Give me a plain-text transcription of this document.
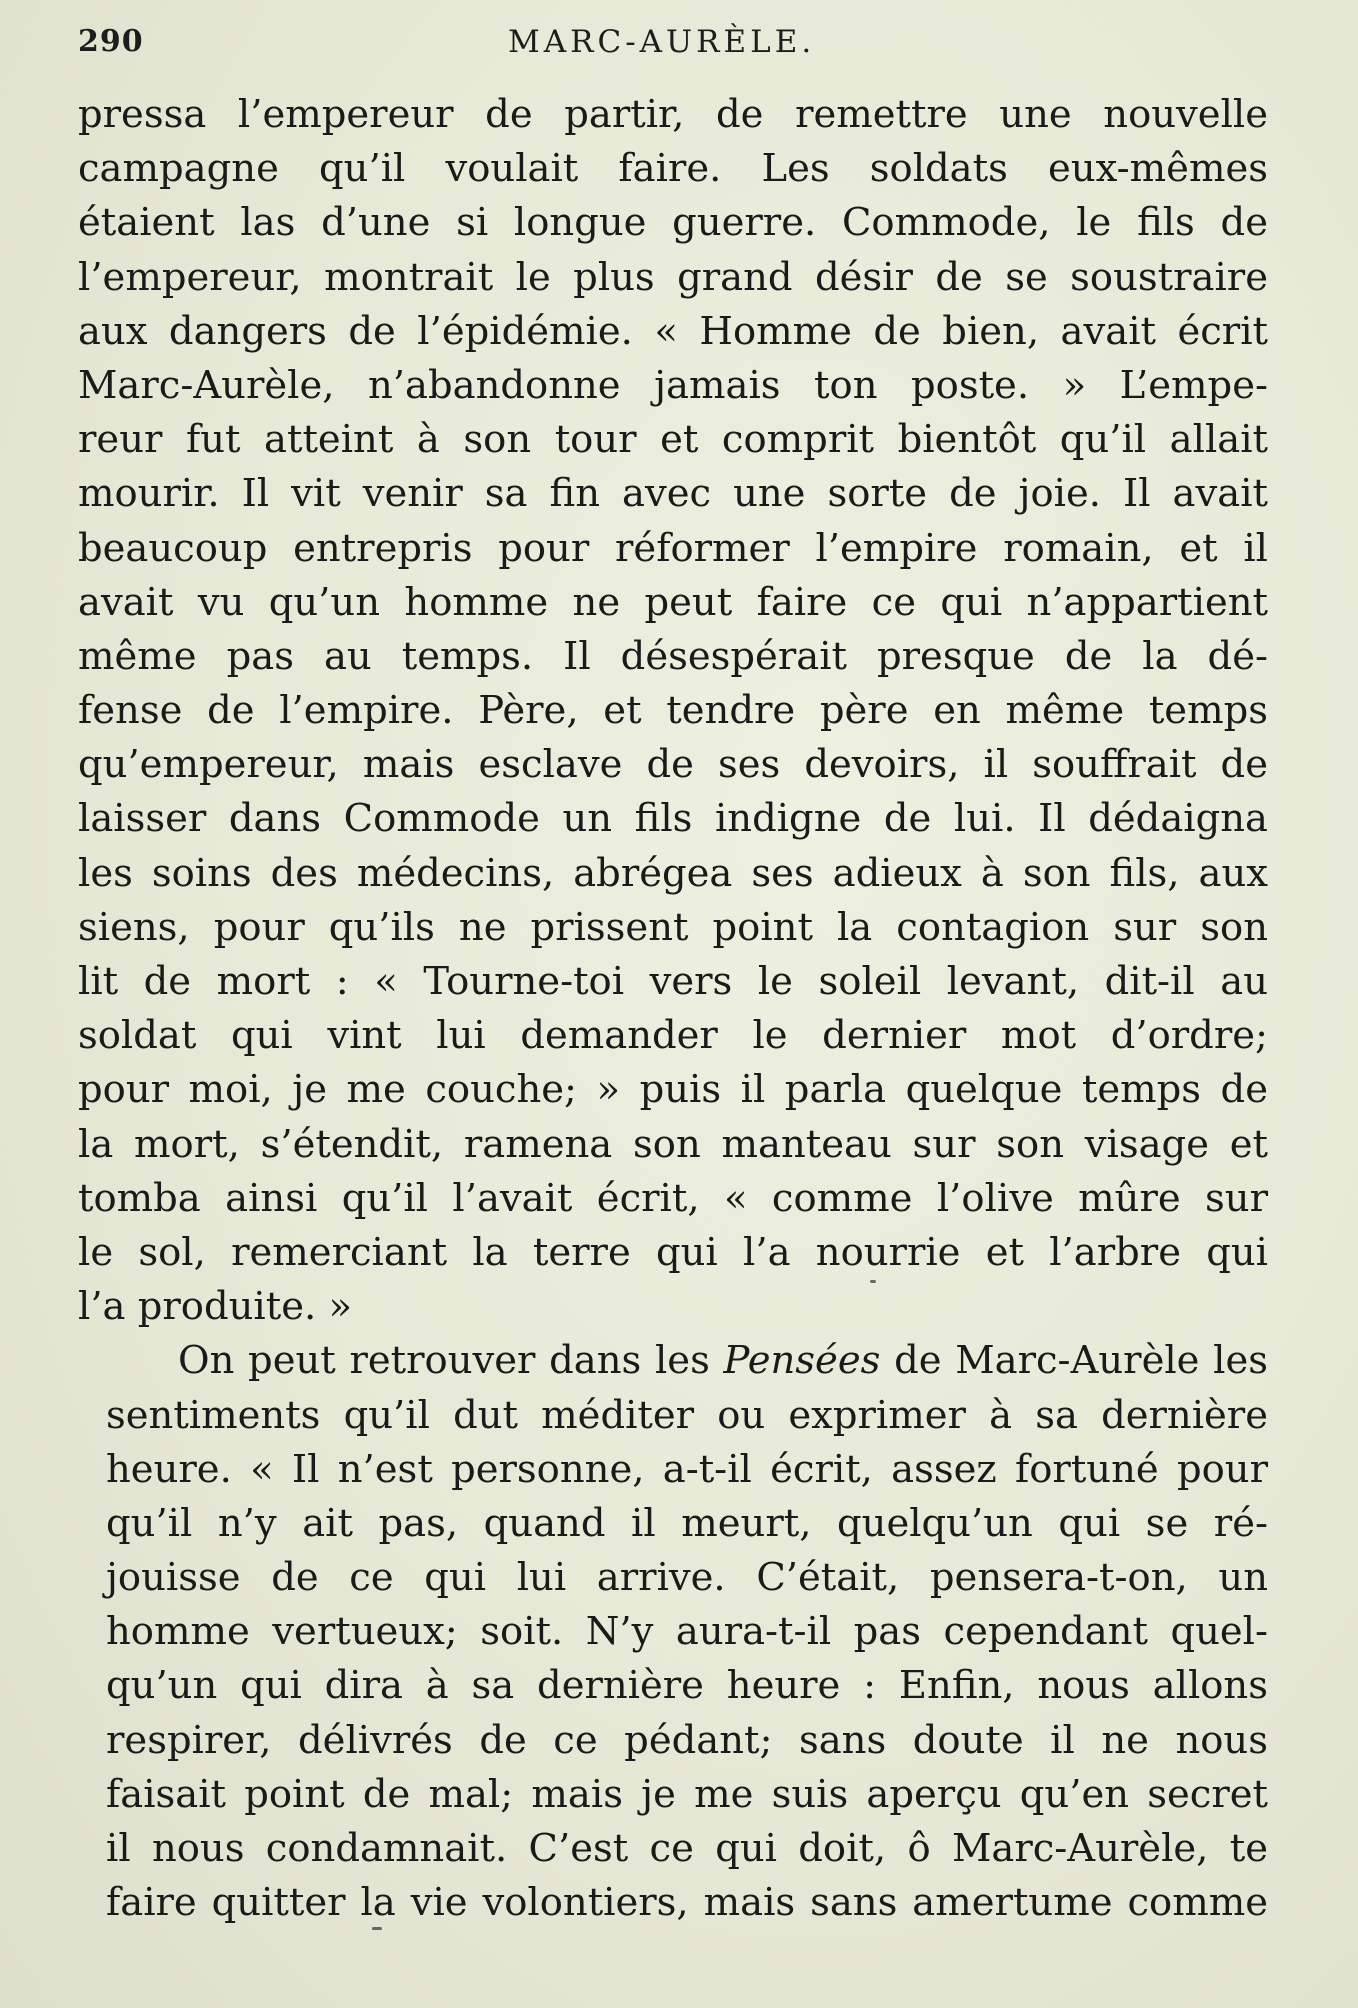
290	MARC-AURÈLE.
pressa l’empereur de partir, de remettre une nouvelle
campagne qu’il voulait faire. Les soldats eux-mêmes
étaient las d’une si longue guerre. Commode, le fils de
l’empereur, montrait le plus grand désir de se soustraire
aux dangers de l’épidémie. « Homme de bien, avait écrit
Marc-Aurèle, n’abandonne jamais ton poste. » L’empe-
reur fut atteint à son tour et comprit bientôt qu’il allait
mourir. Il vit venir sa fin avec une sorte de joie. Il avait
beaucoup entrepris pour réformer l’empire romain, et il
avait vu qu’un homme ne peut faire ce qui n’appartient
même pas au temps. Il désespérait presque de la dé-
fense de l’empire. Père, et tendre père en même temps
qu’empereur, mais esclave de ses devoirs, il souffrait de
laisser dans Commode un fils indigne de lui. Il dédaigna
les soins des médecins, abrégea ses adieux à son fils, aux
siens, pour qu’ils ne prissent point la contagion sur son
lit de mort : « Tourne-toi vers le soleil levant, dit-il au
soldat qui vint lui demander le dernier mot d’ordre;
pour moi, je me couche; » puis il parla quelque temps de
la mort, s’étendit, ramena son manteau sur son visage et
tomba ainsi qu’il l’avait écrit, « comme l’olive mûre sur
le sol, remerciant la terre qui l’a nourrie et l’arbre qui
l’a produite. »
On peut retrouver dans les Pensées de Marc-Aurèle les
sentiments qu’il dut méditer ou exprimer à sa dernière
heure. « Il n’est personne, a-t-il écrit, assez fortuné pour
qu’il n’y ait pas, quand il meurt, quelqu’un qui se ré-
jouisse de ce qui lui arrive. C’était, pensera-t-on, un
homme vertueux; soit. N’y aura-t-il pas cependant quel-
qu’un qui dira à sa dernière heure : Enfin, nous allons
respirer, délivrés de ce pédant; sans doute il ne nous
faisait point de mal; mais je me suis aperçu qu’en secret
il nous condamnait. C’est ce qui doit, ô Marc-Aurèle, te
faire quitter la vie volontiers, mais sans amertume comme
